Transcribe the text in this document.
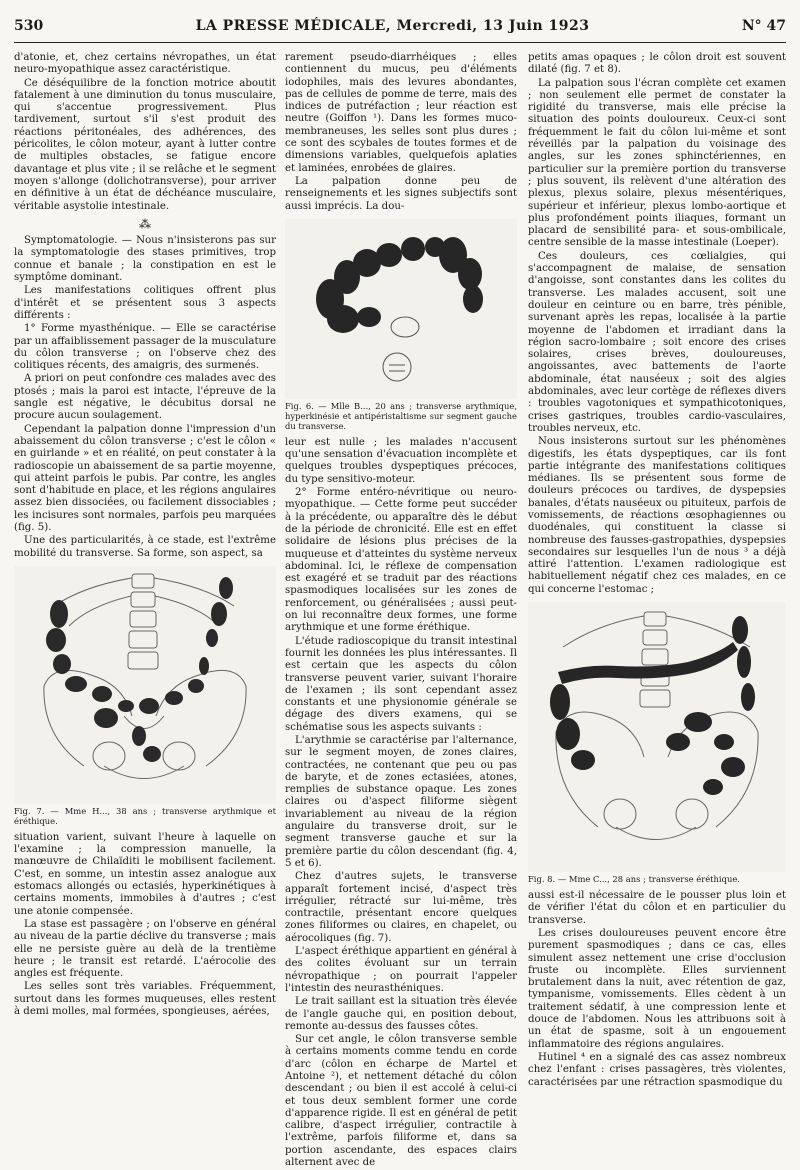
530	LA PRESSE MÉDICALE, Mercredi, 13 Juin 1923	N° 47

d'atonie, et, chez certains névropathes, un état neuro-myopathique assez caractéristique.

Ce déséquilibre de la fonction motrice aboutit fatalement à une diminution du tonus musculaire, qui s'accentue progressivement. Plus tardivement, surtout s'il s'est produit des réactions péritonéales, des adhérences, des péricolites, le côlon moteur, ayant à lutter contre de multiples obstacles, se fatigue encore davantage et plus vite ; il se relâche et le segment moyen s'allonge (dolichotransverse), pour arriver en définitive à un état de déchéance musculaire, véritable asystolie intestinale.

⁂

Symptomatologie. — Nous n'insisterons pas sur la symptomatologie des stases primitives, trop connue et banale ; la constipation en est le symptôme dominant.

Les manifestations colitiques offrent plus d'intérêt et se présentent sous 3 aspects différents :

1° Forme myasthénique. — Elle se caractérise par un affaiblissement passager de la musculature du côlon transverse ; on l'observe chez des colitiques récents, des amaigris, des surmenés.

A priori on peut confondre ces malades avec des ptosés ; mais la paroi est intacte, l'épreuve de la sangle est négative, le décubitus dorsal ne procure aucun soulagement.

Cependant la palpation donne l'impression d'un abaissement du côlon transverse ; c'est le côlon « en guirlande » et en réalité, on peut constater à la radioscopie un abaissement de sa partie moyenne, qui atteint parfois le pubis. Par contre, les angles sont d'habitude en place, et les régions angulaires assez bien dissociées, ou facilement dissociables ; les incisures sont normales, parfois peu marquées (fig. 5).

Une des particularités, à ce stade, est l'extrême mobilité du transverse. Sa forme, son aspect, sa

Fig. 7. — Mme H..., 38 ans ; transverse arythmique et éréthique.

situation varient, suivant l'heure à laquelle on l'examine ; la compression manuelle, la manœuvre de Chilaïditi le mobilisent facilement. C'est, en somme, un intestin assez analogue aux estomacs allongés ou ectasiés, hyperkinétiques à certains moments, immobiles à d'autres ; c'est une atonie compensée.

La stase est passagère ; on l'observe en général au niveau de la partie déclive du transverse ; mais elle ne persiste guère au delà de la trentième heure ; le transit est retardé. L'aérocolie des angles est fréquente.

Les selles sont très variables. Fréquemment, surtout dans les formes muqueuses, elles restent à demi molles, mal formées, spongieuses, aérées,

rarement pseudo-diarrhéiques ; elles contiennent du mucus, peu d'éléments iodophiles, mais des levures abondantes, pas de cellules de pomme de terre, mais des indices de putréfaction ; leur réaction est neutre (Goiffon ¹). Dans les formes muco-membraneuses, les selles sont plus dures ; ce sont des scybales de toutes formes et de dimensions variables, quelquefois aplaties et laminées, enrobées de glaires.

La palpation donne peu de renseignements et les signes subjectifs sont aussi imprécis. La dou-

Fig. 6. — Mlle B..., 20 ans ; transverse arythmique, hyperkinésie et antipéristaltisme sur segment gauche du transverse.

leur est nulle ; les malades n'accusent qu'une sensation d'évacuation incomplète et quelques troubles dyspeptiques précoces, du type sensitivo-moteur.

2° Forme entéro-névritique ou neuro-myopathique. — Cette forme peut succéder à la précédente, ou apparaître dès le début de la période de chronicité. Elle est en effet solidaire de lésions plus précises de la muqueuse et d'atteintes du système nerveux abdominal. Ici, le réflexe de compensation est exagéré et se traduit par des réactions spasmodiques localisées sur les zones de renforcement, ou généralisées ; aussi peut-on lui reconnaître deux formes, une forme arythmique et une forme éréthique.

L'étude radioscopique du transit intestinal fournit les données les plus intéressantes. Il est certain que les aspects du côlon transverse peuvent varier, suivant l'horaire de l'examen ; ils sont cependant assez constants et une physionomie générale se dégage des divers examens, qui se schématise sous les aspects suivants :

L'arythmie se caractérise par l'alternance, sur le segment moyen, de zones claires, contractées, ne contenant que peu ou pas de baryte, et de zones ectasiées, atones, remplies de substance opaque. Les zones claires ou d'aspect filiforme siègent invariablement au niveau de la région angulaire du transverse droit, sur le segment transverse gauche et sur la première partie du côlon descendant (fig. 4, 5 et 6).

Chez d'autres sujets, le transverse apparaît fortement incisé, d'aspect très irrégulier, rétracté sur lui-même, très contractile, présentant encore quelques zones filiformes ou claires, en chapelet, ou aérocoliques (fig. 7).

L'aspect éréthique appartient en général à des colites évoluant sur un terrain névropathique ; on pourrait l'appeler l'intestin des neurasthéniques.

Le trait saillant est la situation très élevée de l'angle gauche qui, en position debout, remonte au-dessus des fausses côtes.

Sur cet angle, le côlon transverse semble à certains moments comme tendu en corde d'arc (côlon en écharpe de Martel et Antoine ²), et nettement détaché du côlon descendant ; ou bien il est accolé à celui-ci et tous deux semblent former une corde d'apparence rigide. Il est en général de petit calibre, d'aspect irrégulier, contractile à l'extrême, parfois filiforme et, dans sa portion ascendante, des espaces clairs alternent avec de

petits amas opaques ; le côlon droit est souvent dilaté (fig. 7 et 8).

La palpation sous l'écran complète cet examen ; non seulement elle permet de constater la rigidité du transverse, mais elle précise la situation des points douloureux. Ceux-ci sont fréquemment le fait du côlon lui-même et sont réveillés par la palpation du voisinage des angles, sur les zones sphinctériennes, en particulier sur la première portion du transverse ; plus souvent, ils relèvent d'une altération des plexus, plexus solaire, plexus mésentériques, supérieur et inférieur, plexus lombo-aortique et plus profondément points iliaques, formant un placard de sensibilité para- et sous-ombilicale, centre sensible de la masse intestinale (Loeper).

Ces douleurs, ces cœlialgies, qui s'accompagnent de malaise, de sensation d'angoisse, sont constantes dans les colites du transverse. Les malades accusent, soit une douleur en ceinture ou en barre, très pénible, survenant après les repas, localisée à la partie moyenne de l'abdomen et irradiant dans la région sacro-lombaire ; soit encore des crises solaires, crises brèves, douloureuses, angoissantes, avec battements de l'aorte abdominale, état nauséeux ; soit des algies abdominales, avec leur cortège de réflexes divers : troubles vagotoniques et sympathicotoniques, crises gastriques, troubles cardio-vasculaires, troubles nerveux, etc.

Nous insisterons surtout sur les phénomènes digestifs, les états dyspeptiques, car ils font partie intégrante des manifestations colitiques médianes. Ils se présentent sous forme de douleurs précoces ou tardives, de dyspepsies banales, d'états nauséeux ou pituiteux, parfois de vomissements, de réactions œsophagiennes ou duodénales, qui constituent la classe si nombreuse des fausses-gastropathies, dyspepsies secondaires sur lesquelles l'un de nous ³ a déjà attiré l'attention. L'examen radiologique est habituellement négatif chez ces malades, en ce qui concerne l'estomac ;

Fig. 8. — Mme C..., 28 ans ; transverse éréthique.

aussi est-il nécessaire de le pousser plus loin et de vérifier l'état du côlon et en particulier du transverse.

Les crises douloureuses peuvent encore être purement spasmodiques ; dans ce cas, elles simulent assez nettement une crise d'occlusion fruste ou incomplète. Elles surviennent brutalement dans la nuit, avec rétention de gaz, tympanisme, vomissements. Elles cèdent à un traitement sédatif, à une compression lente et douce de l'abdomen. Nous les attribuons soit à un état de spasme, soit à un engouement inflammatoire des régions angulaires.

Hutinel ⁴ en a signalé des cas assez nombreux chez l'enfant : crises passagères, très violentes, caractérisées par une rétraction spasmodique du
